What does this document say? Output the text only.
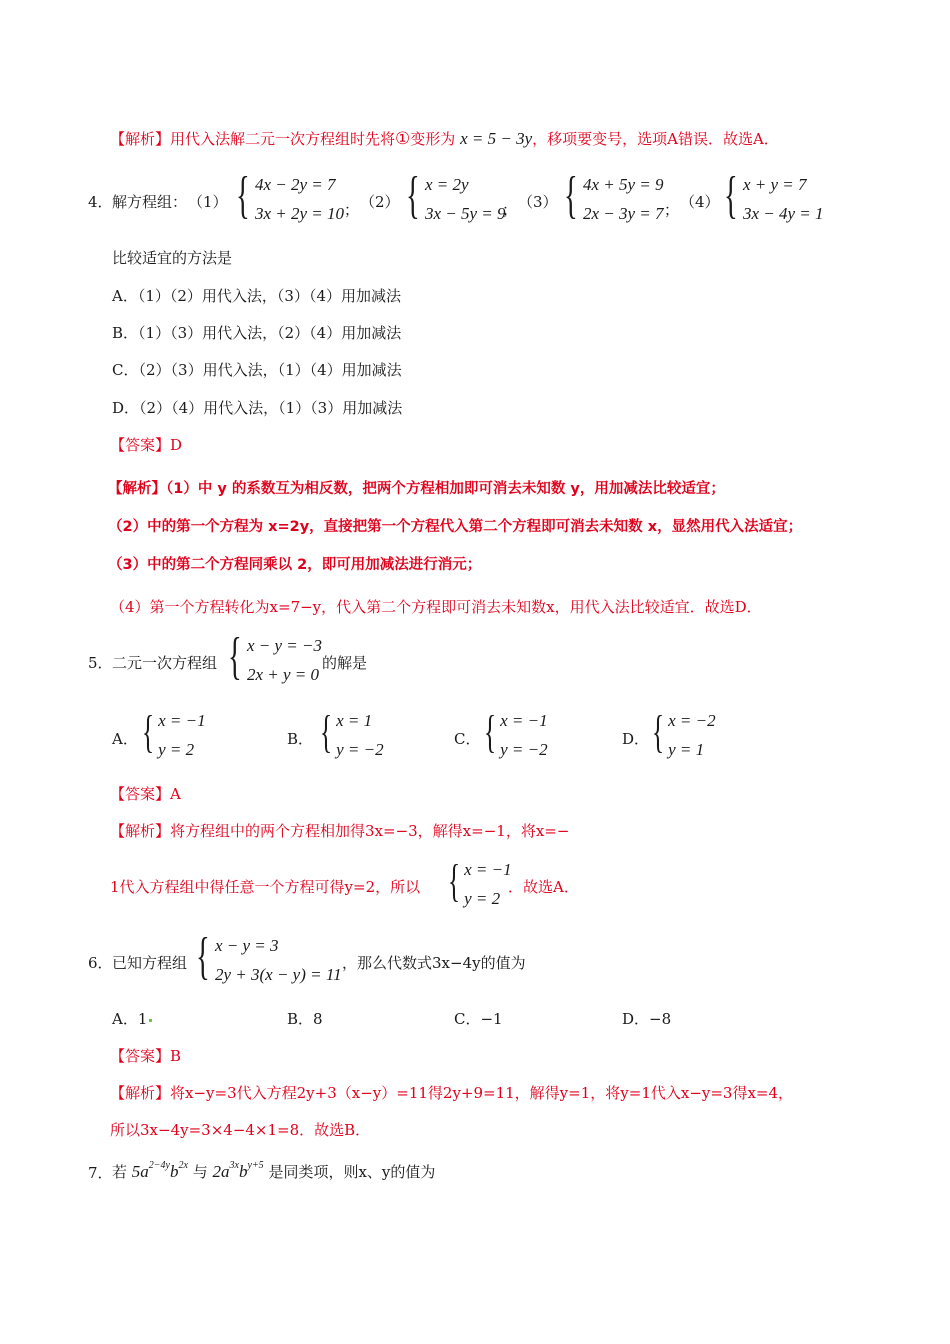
【解析】用代入法解二元一次方程组时先将①变形为 x = 5 − 3y，移项要变号，选项A错误．故选A．
4． 解方程组： （1） { 4x − 2y = 7
3x + 2y = 10 ； （2） { x = 2y
3x − 5y = 9
； （3） { 4x + 5y = 9
2x − 3y = 7 ； （4） { x + y = 7
3x − 4y = 1
比较适宜的方法是
A．（1）（2）用代入法，（3）（4）用加减法
B．（1）（3）用代入法，（2）（4）用加减法
C．（2）（3）用代入法，（1）（4）用加减法
D．（2）（4）用代入法，（1）（3）用加减法
【答案】D
【解析】（1）中 y 的系数互为相反数，把两个方程相加即可消去未知数 y，用加减法比较适宜；
（2）中的第一个方程为 x=2y，直接把第一个方程代入第二个方程即可消去未知数 x，显然用代入法适宜；
（3）中的第二个方程同乘以 2，即可用加减法进行消元；
（4）第一个方程转化为x=7−y，代入第二个方程即可消去未知数x，用代入法比较适宜．故选D．
5． 二元一次方程组 { x − y = −3
2x + y = 0
的解是
A． { x = −1
y = 2
B． { x = 1
y = −2
C． { x = −1
y = −2
D． { x = −2
y = 1
【答案】A
【解析】将方程组中的两个方程相加得3x=−3，解得x=−1，将x=−
1代入方程组中得任意一个方程可得y=2，所以 { x = −1
y = 2
．故选A．
6． 已知方程组 { x − y = 3
2y + 3(x − y) = 11
，那么代数式3x−4y的值为
A．1	B．8	C．−1	D．−8
【答案】B
【解析】将x−y=3代入方程2y+3（x−y）=11得2y+9=11，解得y=1，将y=1代入x−y=3得x=4，
所以3x−4y=3×4−4×1=8．故选B．
7． 若 $5a^{2-4y}b^{2x}$ 与 $2a^{3x}b^{y+5}$ 是同类项，则x、y的值为
